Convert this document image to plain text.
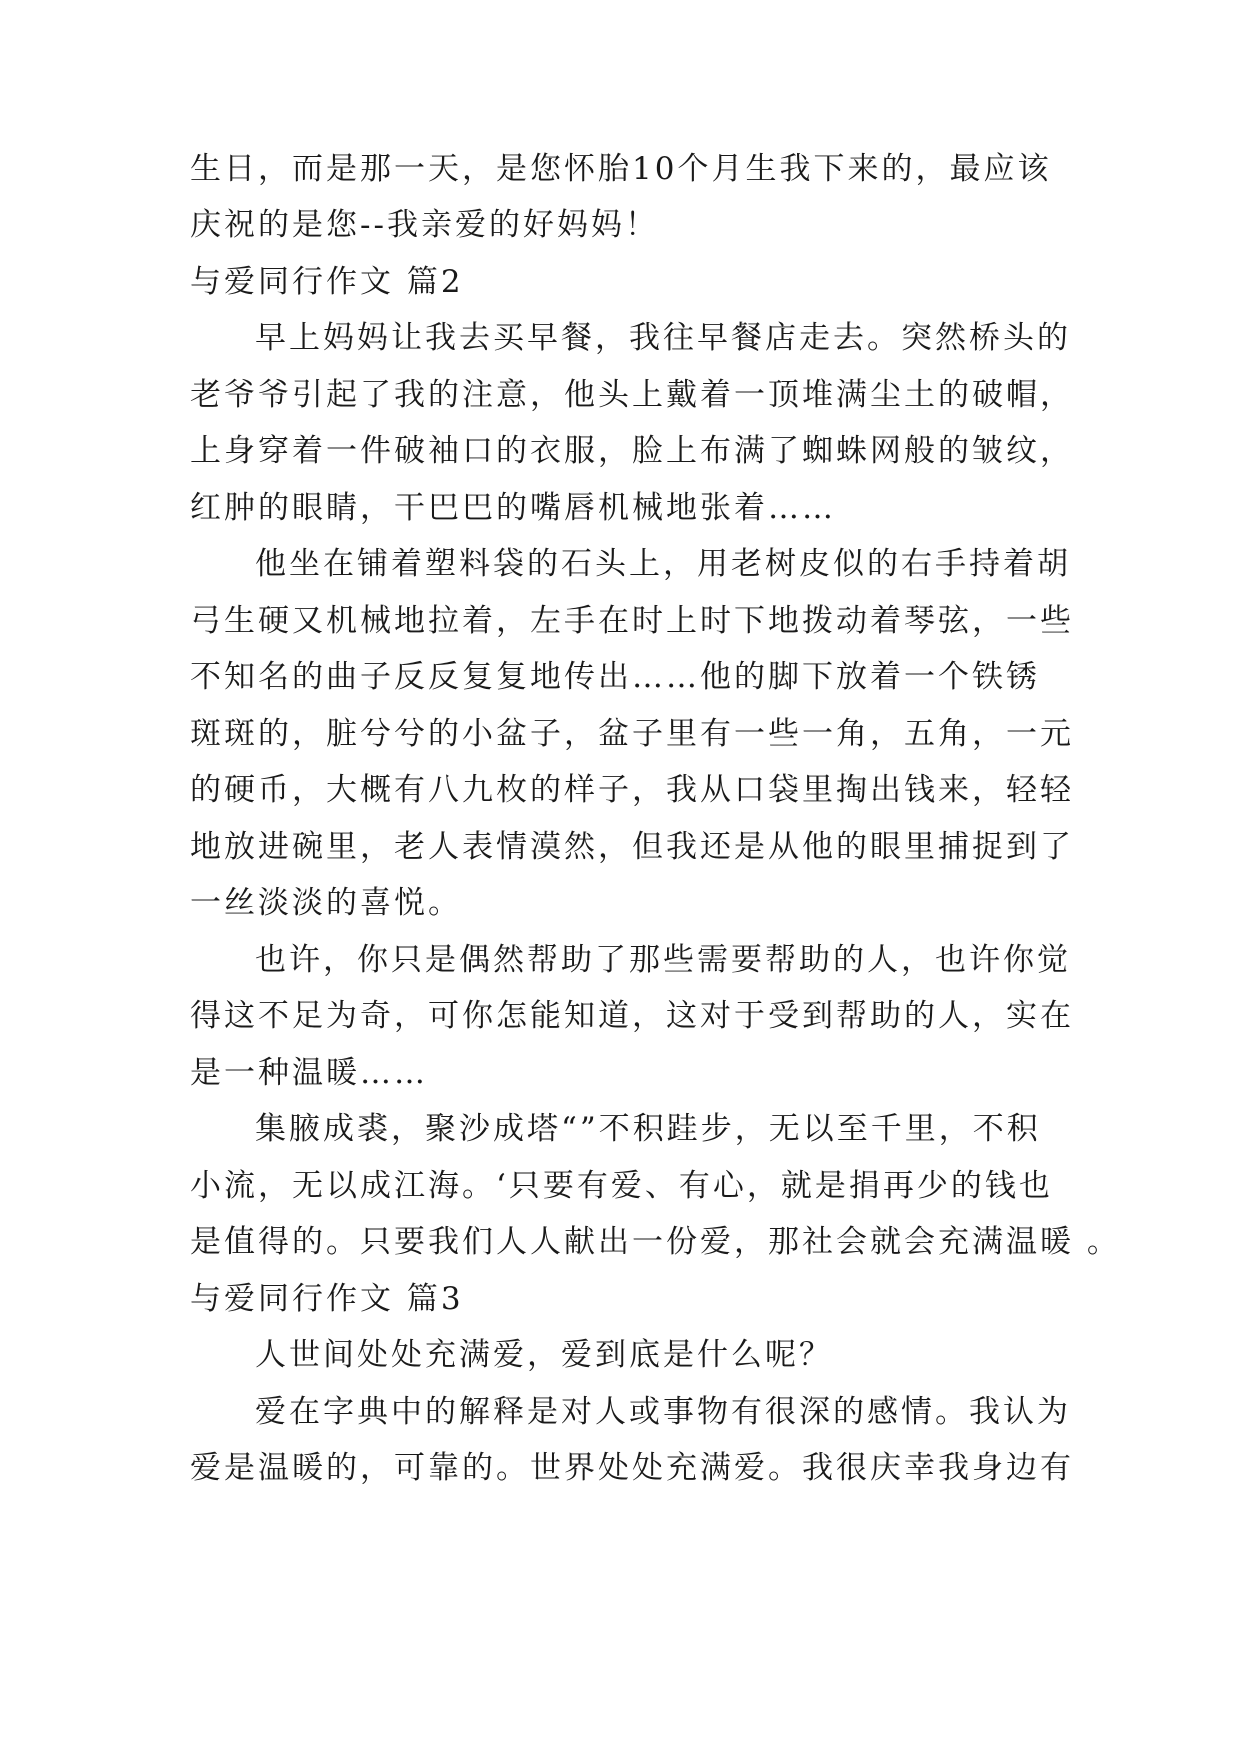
生日，而是那一天，是您怀胎10个月生我下来的，最应该
庆祝的是您--我亲爱的好妈妈！
与爱同行作文 篇2
早上妈妈让我去买早餐，我往早餐店走去。突然桥头的
老爷爷引起了我的注意，他头上戴着一顶堆满尘土的破帽，
上身穿着一件破袖口的衣服，脸上布满了蜘蛛网般的皱纹，
红肿的眼睛，干巴巴的嘴唇机械地张着……
他坐在铺着塑料袋的石头上，用老树皮似的右手持着胡
弓生硬又机械地拉着，左手在时上时下地拨动着琴弦，一些
不知名的曲子反反复复地传出……他的脚下放着一个铁锈
斑斑的，脏兮兮的小盆子，盆子里有一些一角，五角，一元
的硬币，大概有八九枚的样子，我从口袋里掏出钱来，轻轻
地放进碗里，老人表情漠然，但我还是从他的眼里捕捉到了
一丝淡淡的喜悦。
也许，你只是偶然帮助了那些需要帮助的人，也许你觉
得这不足为奇，可你怎能知道，这对于受到帮助的人，实在
是一种温暖……
集腋成裘，聚沙成塔“”不积跬步，无以至千里，不积
小流，无以成江海。‘只要有爱、有心，就是捐再少的钱也
是值得的。只要我们人人献出一份爱，那社会就会充满温暖 。
与爱同行作文 篇3
人世间处处充满爱，爱到底是什么呢？
爱在字典中的解释是对人或事物有很深的感情。我认为
爱是温暖的，可靠的。世界处处充满爱。我很庆幸我身边有
